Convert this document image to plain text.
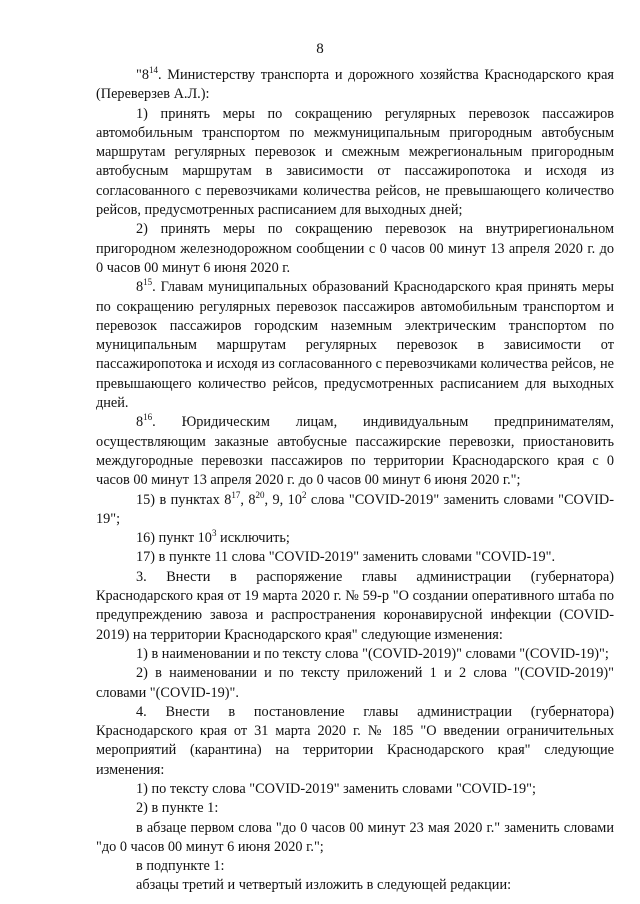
8

"$8^{14}$. Министерству транспорта и дорожного хозяйства Краснодарского края (Переверзев А.Л.):

1) принять меры по сокращению регулярных перевозок пассажиров автомобильным транспортом по межмуниципальным пригородным автобусным маршрутам регулярных перевозок и смежным межрегиональным пригородным автобусным маршрутам в зависимости от пассажиропотока и исходя из согласованного с перевозчиками количества рейсов, не превышающего количество рейсов, предусмотренных расписанием для выходных дней;

2) принять меры по сокращению перевозок на внутрирегиональном пригородном железнодорожном сообщении с 0 часов 00 минут 13 апреля 2020 г. до 0 часов 00 минут 6 июня 2020 г.

$8^{15}$. Главам муниципальных образований Краснодарского края принять меры по сокращению регулярных перевозок пассажиров автомобильным транспортом и перевозок пассажиров городским наземным электрическим транспортом по муниципальным маршрутам регулярных перевозок в зависимости от пассажиропотока и исходя из согласованного с перевозчиками количества рейсов, не превышающего количество рейсов, предусмотренных расписанием для выходных дней.

$8^{16}$. Юридическим лицам, индивидуальным предпринимателям, осуществляющим заказные автобусные пассажирские перевозки, приостановить междугородные перевозки пассажиров по территории Краснодарского края с 0 часов 00 минут 13 апреля 2020 г. до 0 часов 00 минут 6 июня 2020 г.";

15) в пунктах $8^{17}$, $8^{20}$, 9, $10^2$ слова "COVID-2019" заменить словами "COVID-19";

16) пункт $10^3$ исключить;

17) в пункте 11 слова "COVID-2019" заменить словами "COVID-19".

3. Внести в распоряжение главы администрации (губернатора) Краснодарского края от 19 марта 2020 г. № 59-р "О создании оперативного штаба по предупреждению завоза и распространения коронавирусной инфекции (COVID-2019) на территории Краснодарского края" следующие изменения:

1) в наименовании и по тексту слова "(COVID-2019)" словами "(COVID-19)";

2) в наименовании и по тексту приложений 1 и 2 слова "(COVID-2019)" словами "(COVID-19)".

4. Внести в постановление главы администрации (губернатора) Краснодарского края от 31 марта 2020 г. № 185 "О введении ограничительных мероприятий (карантина) на территории Краснодарского края" следующие изменения:

1) по тексту слова "COVID-2019" заменить словами "COVID-19";

2) в пункте 1:

в абзаце первом слова "до 0 часов 00 минут 23 мая 2020 г." заменить словами "до 0 часов 00 минут 6 июня 2020 г.";

в подпункте 1:

абзацы третий и четвертый изложить в следующей редакции:
